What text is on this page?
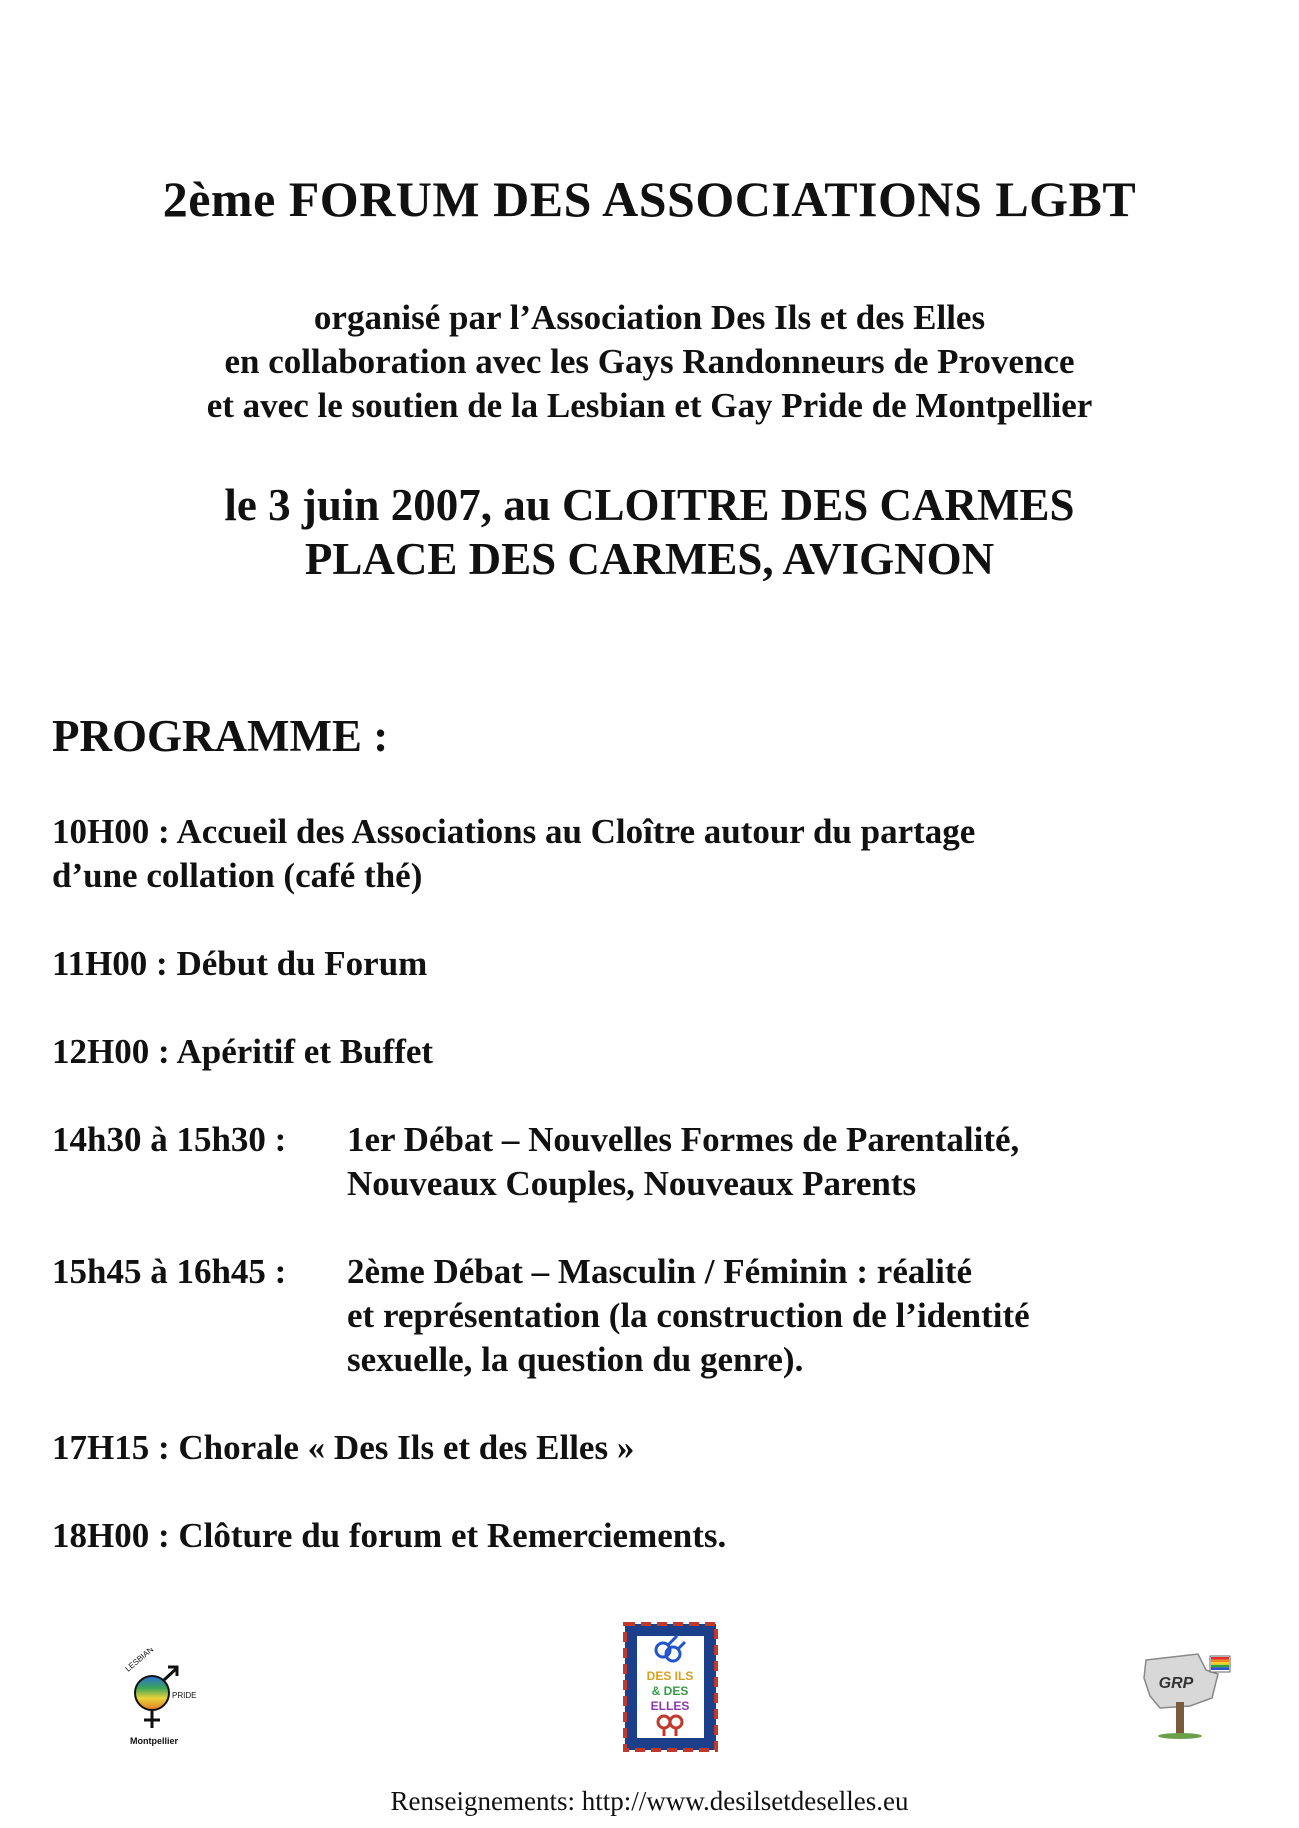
2ème FORUM DES ASSOCIATIONS LGBT
organisé par l’Association Des Ils et des Elles
en collaboration avec les Gays Randonneurs de Provence
et avec le soutien de la Lesbian et Gay Pride de Montpellier
le 3 juin 2007, au CLOITRE DES CARMES
PLACE DES CARMES, AVIGNON
PROGRAMME :
10H00 : Accueil des Associations au Cloître autour du partage
d’une collation (café thé)
11H00 : Début du Forum
12H00 : Apéritif et Buffet
14h30 à 15h30 :	1er Débat – Nouvelles Formes de Parentalité,
Nouveaux Couples, Nouveaux Parents
15h45 à 16h45 :	2ème Débat – Masculin / Féminin : réalité
et représentation (la construction de l’identité
sexuelle, la question du genre).
17H15 : Chorale « Des Ils et des Elles »
18H00 : Clôture du forum et Remerciements.
LESBIAN & GAY
PRIDE
Montpellier
DES ILS
& DES
ELLES
GRP
Renseignements: http://www.desilsetdeselles.eu
